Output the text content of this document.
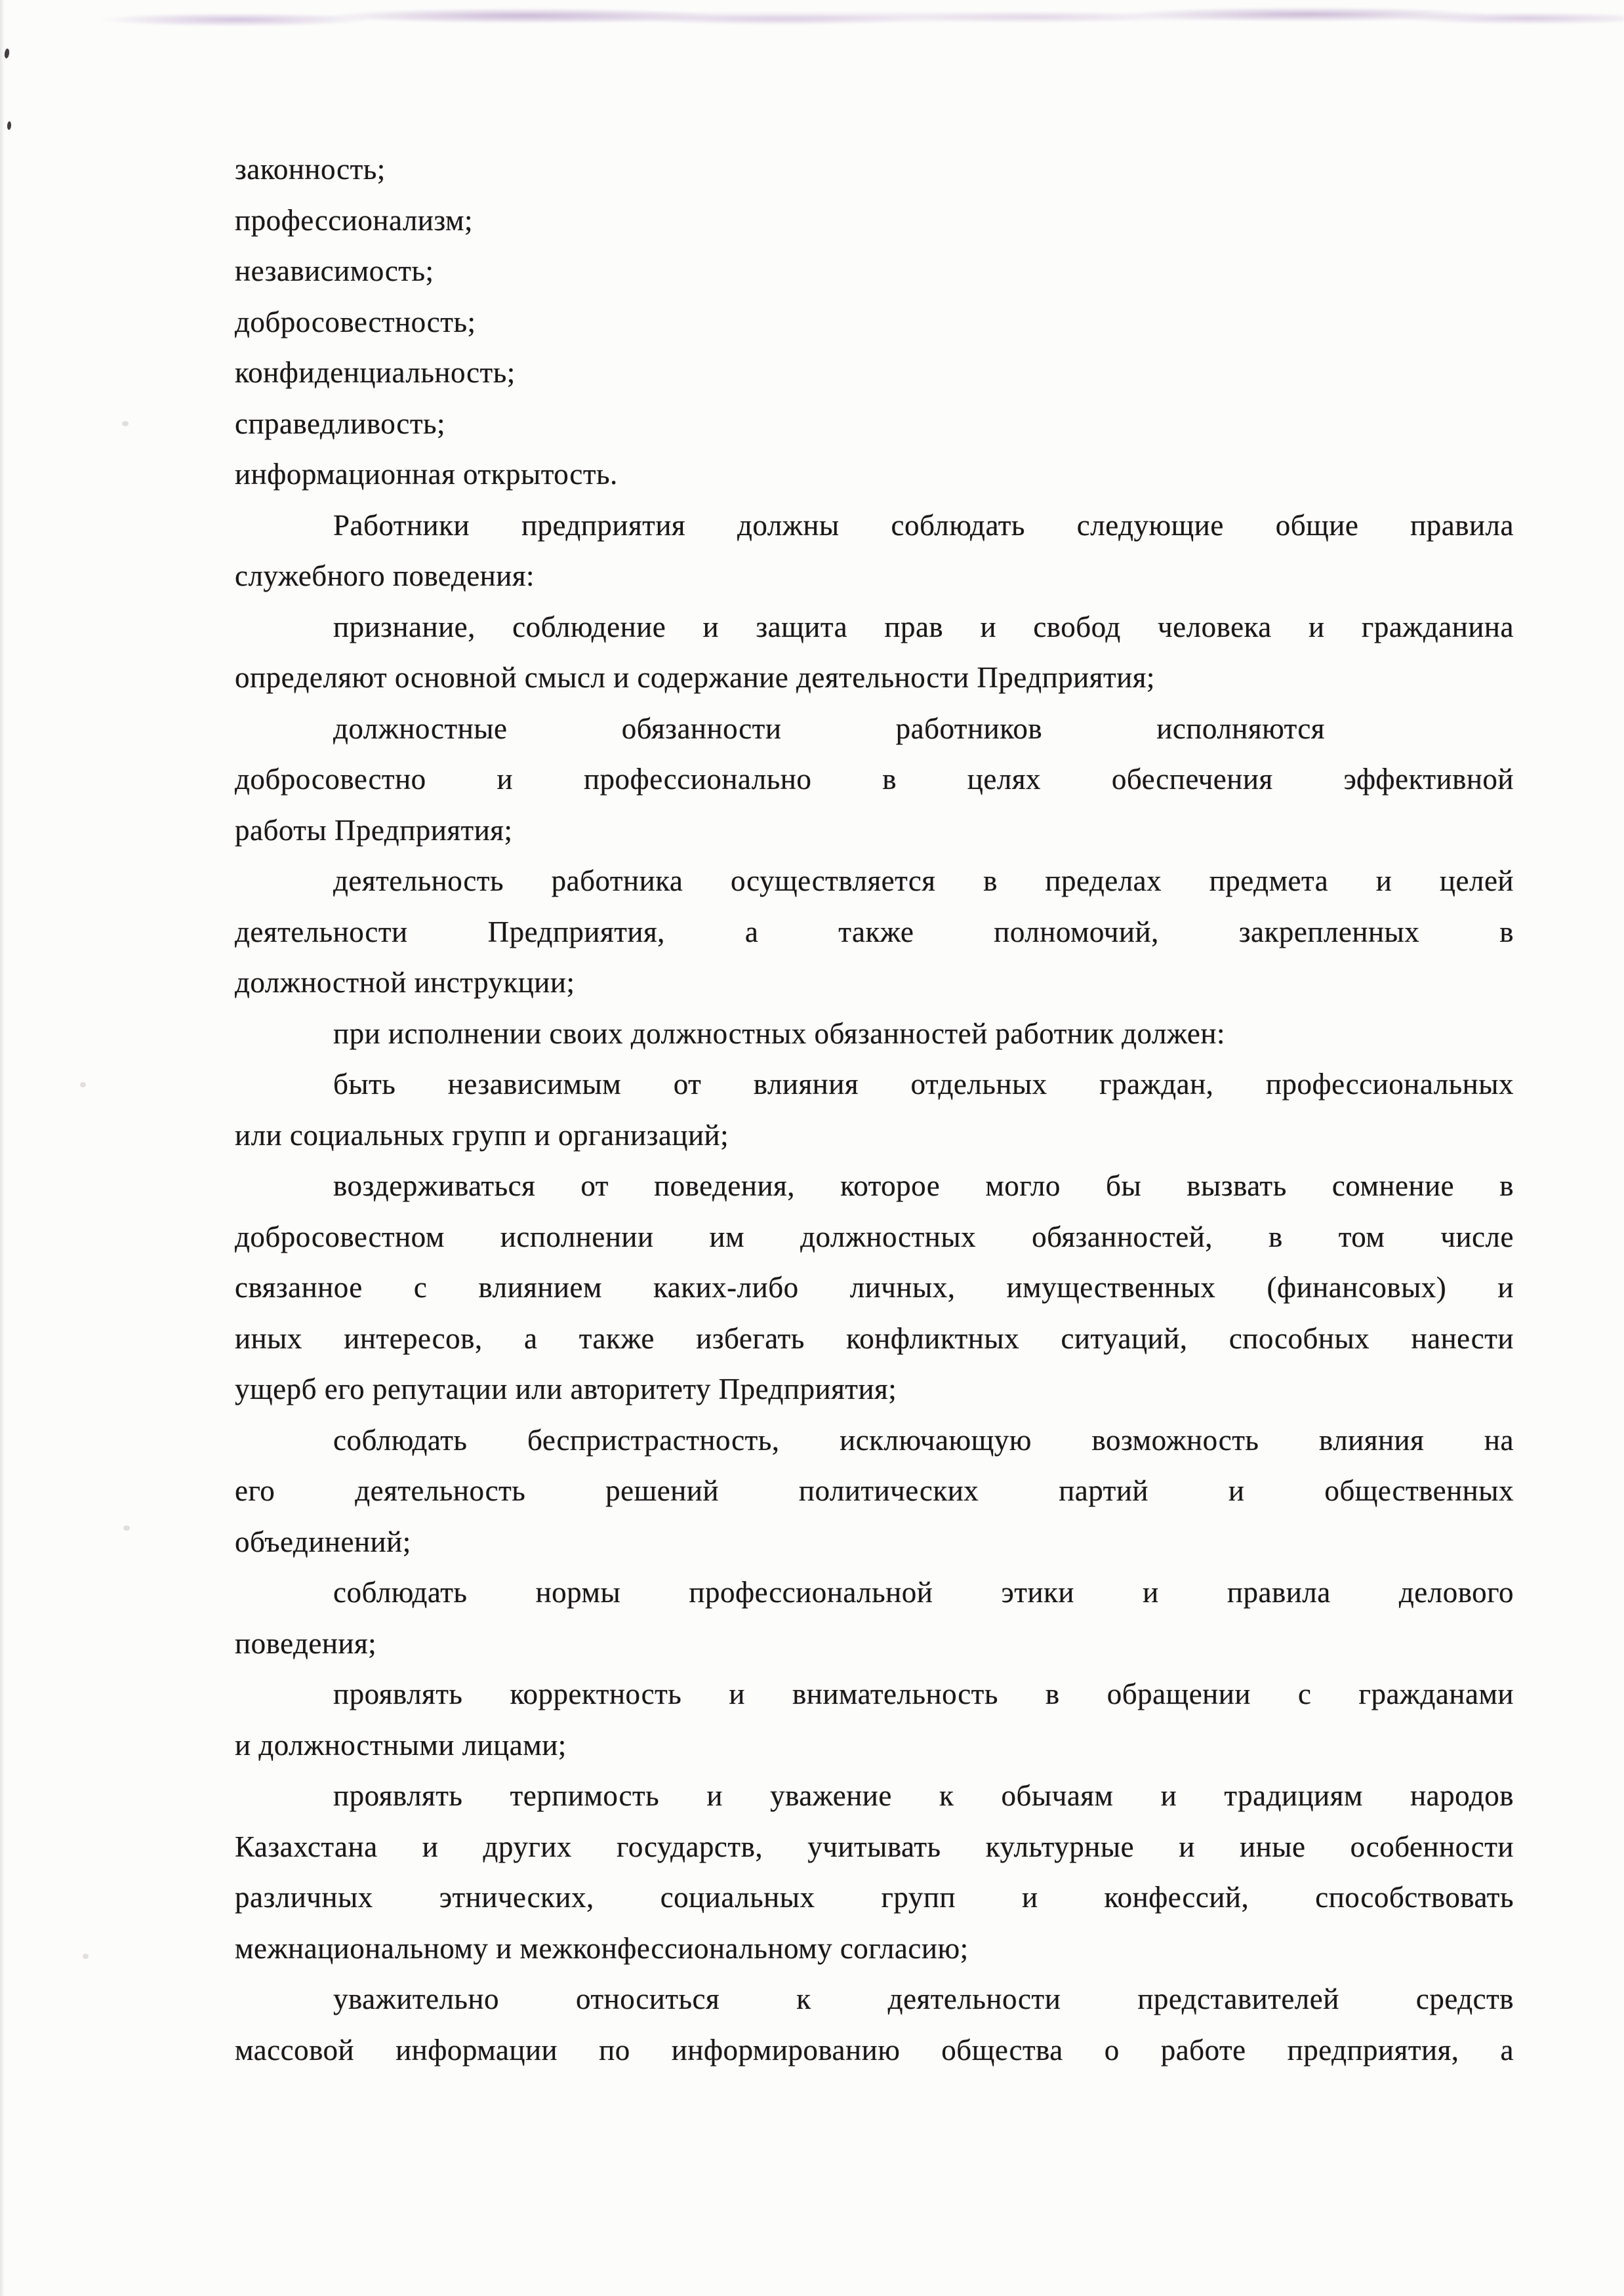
законность;
профессионализм;
независимость;
добросовестность;
конфиденциальность;
справедливость;
информационная открытость.
Работники предприятия должны соблюдать следующие общие правила
служебного поведения:
признание, соблюдение и защита прав и свобод человека и гражданина
определяют основной смысл и содержание деятельности Предприятия;
должностные обязанности работников исполняются
добросовестно и профессионально в целях обеспечения эффективной
работы Предприятия;
деятельность работника осуществляется в пределах предмета и целей
деятельности Предприятия, а также полномочий, закрепленных в
должностной инструкции;
при исполнении своих должностных обязанностей работник должен:
быть независимым от влияния отдельных граждан, профессиональных
или социальных групп и организаций;
воздерживаться от поведения, которое могло бы вызвать сомнение в
добросовестном исполнении им должностных обязанностей, в том числе
связанное с влиянием каких-либо личных, имущественных (финансовых) и
иных интересов, а также избегать конфликтных ситуаций, способных нанести
ущерб его репутации или авторитету Предприятия;
соблюдать беспристрастность, исключающую возможность влияния на
его деятельность решений политических партий и общественных
объединений;
соблюдать нормы профессиональной этики и правила делового
поведения;
проявлять корректность и внимательность в обращении с гражданами
и должностными лицами;
проявлять терпимость и уважение к обычаям и традициям народов
Казахстана и других государств, учитывать культурные и иные особенности
различных этнических, социальных групп и конфессий, способствовать
межнациональному и межконфессиональному согласию;
уважительно относиться к деятельности представителей средств
массовой информации по информированию общества о работе предприятия, а
